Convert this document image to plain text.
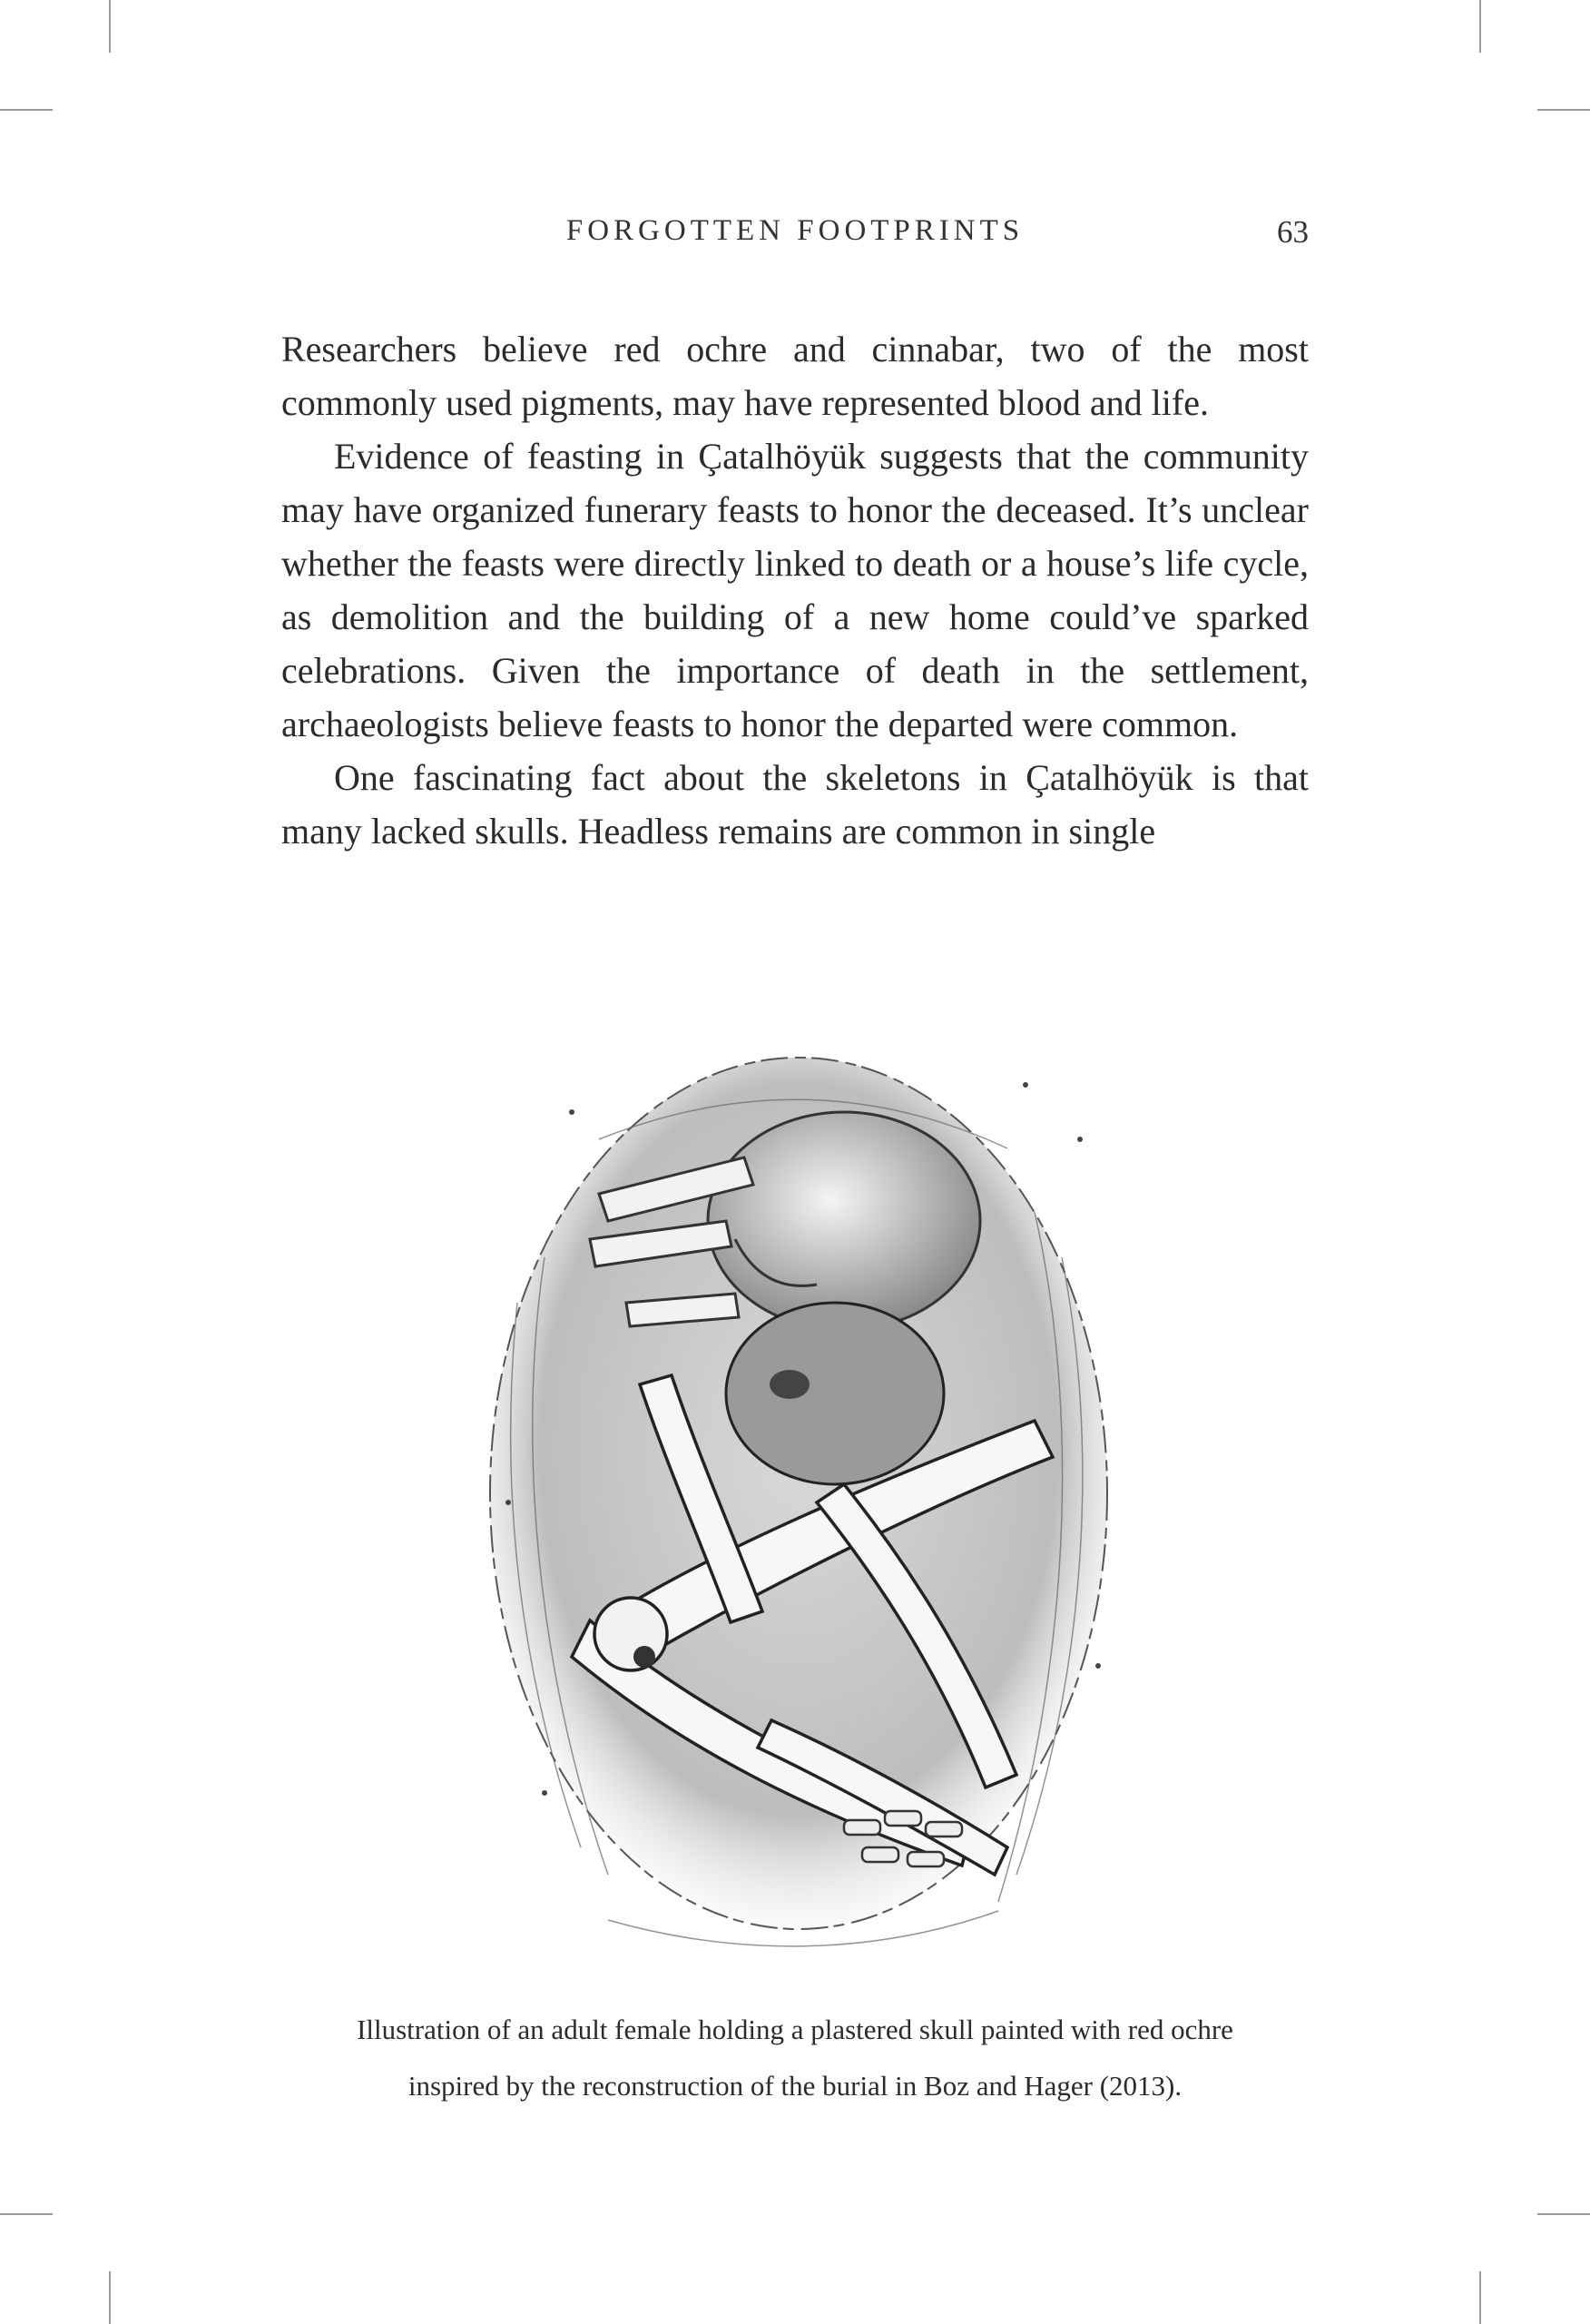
FORGOTTEN FOOTPRINTS	63

Researchers believe red ochre and cinnabar, two of the most commonly used pigments, may have represented blood and life.

Evidence of feasting in Çatalhöyük suggests that the community may have organized funerary feasts to honor the deceased. It’s unclear whether the feasts were directly linked to death or a house’s life cycle, as demolition and the building of a new home could’ve sparked celebrations. Given the importance of death in the settlement, archaeologists believe feasts to honor the departed were common.

One fascinating fact about the skeletons in Çatalhöyük is that many lacked skulls. Headless remains are common in single

Illustration of an adult female holding a plastered skull painted with red ochre
inspired by the reconstruction of the burial in Boz and Hager (2013).
